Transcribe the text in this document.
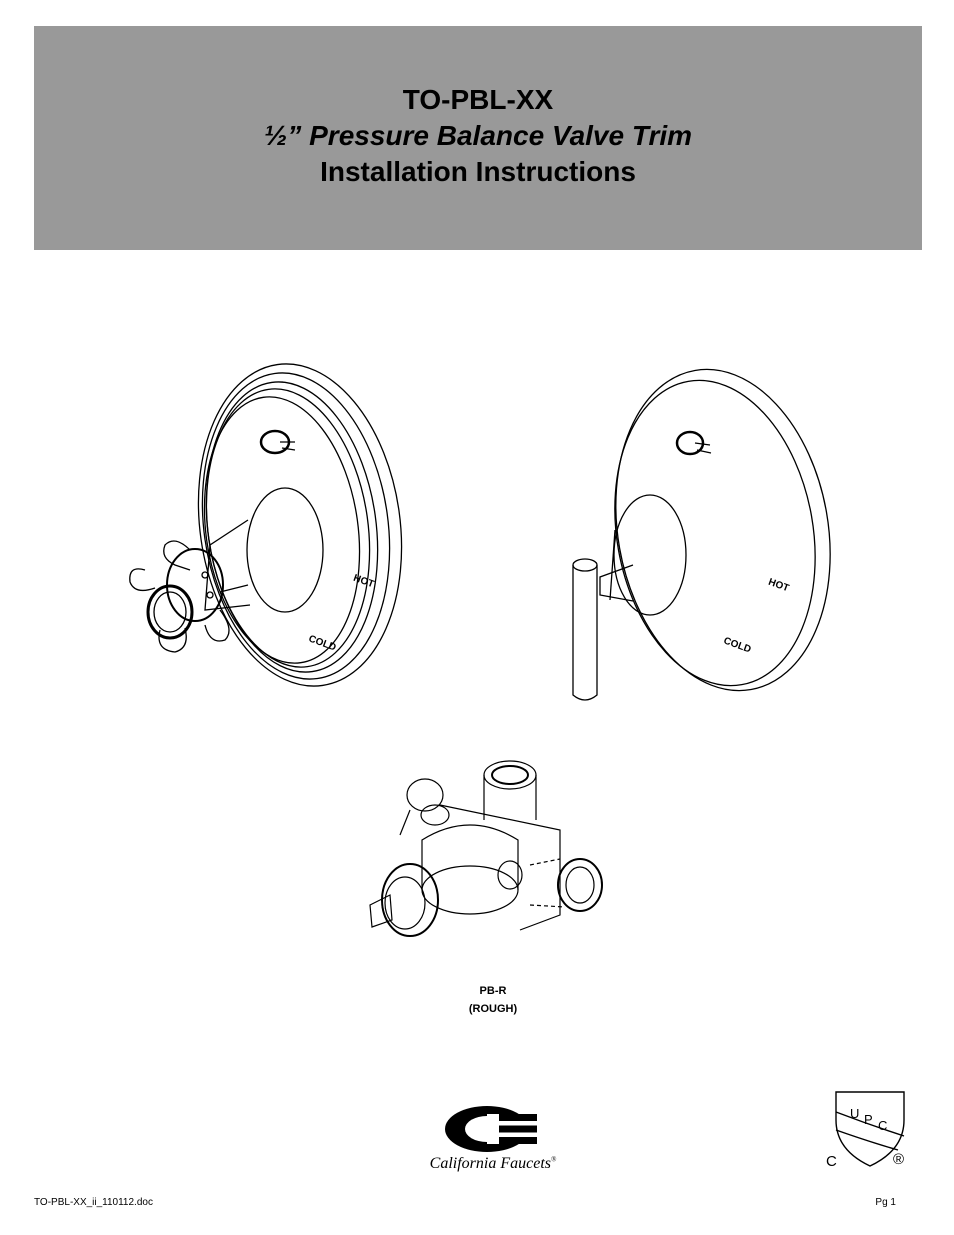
TO-PBL-XX
½” Pressure Balance Valve Trim
Installation Instructions
HOT
COLD
HOT
COLD
PB-R
(ROUGH)
California Faucets®
U P C
C	®
TO-PBL-XX_ii_110112.doc	Pg 1
